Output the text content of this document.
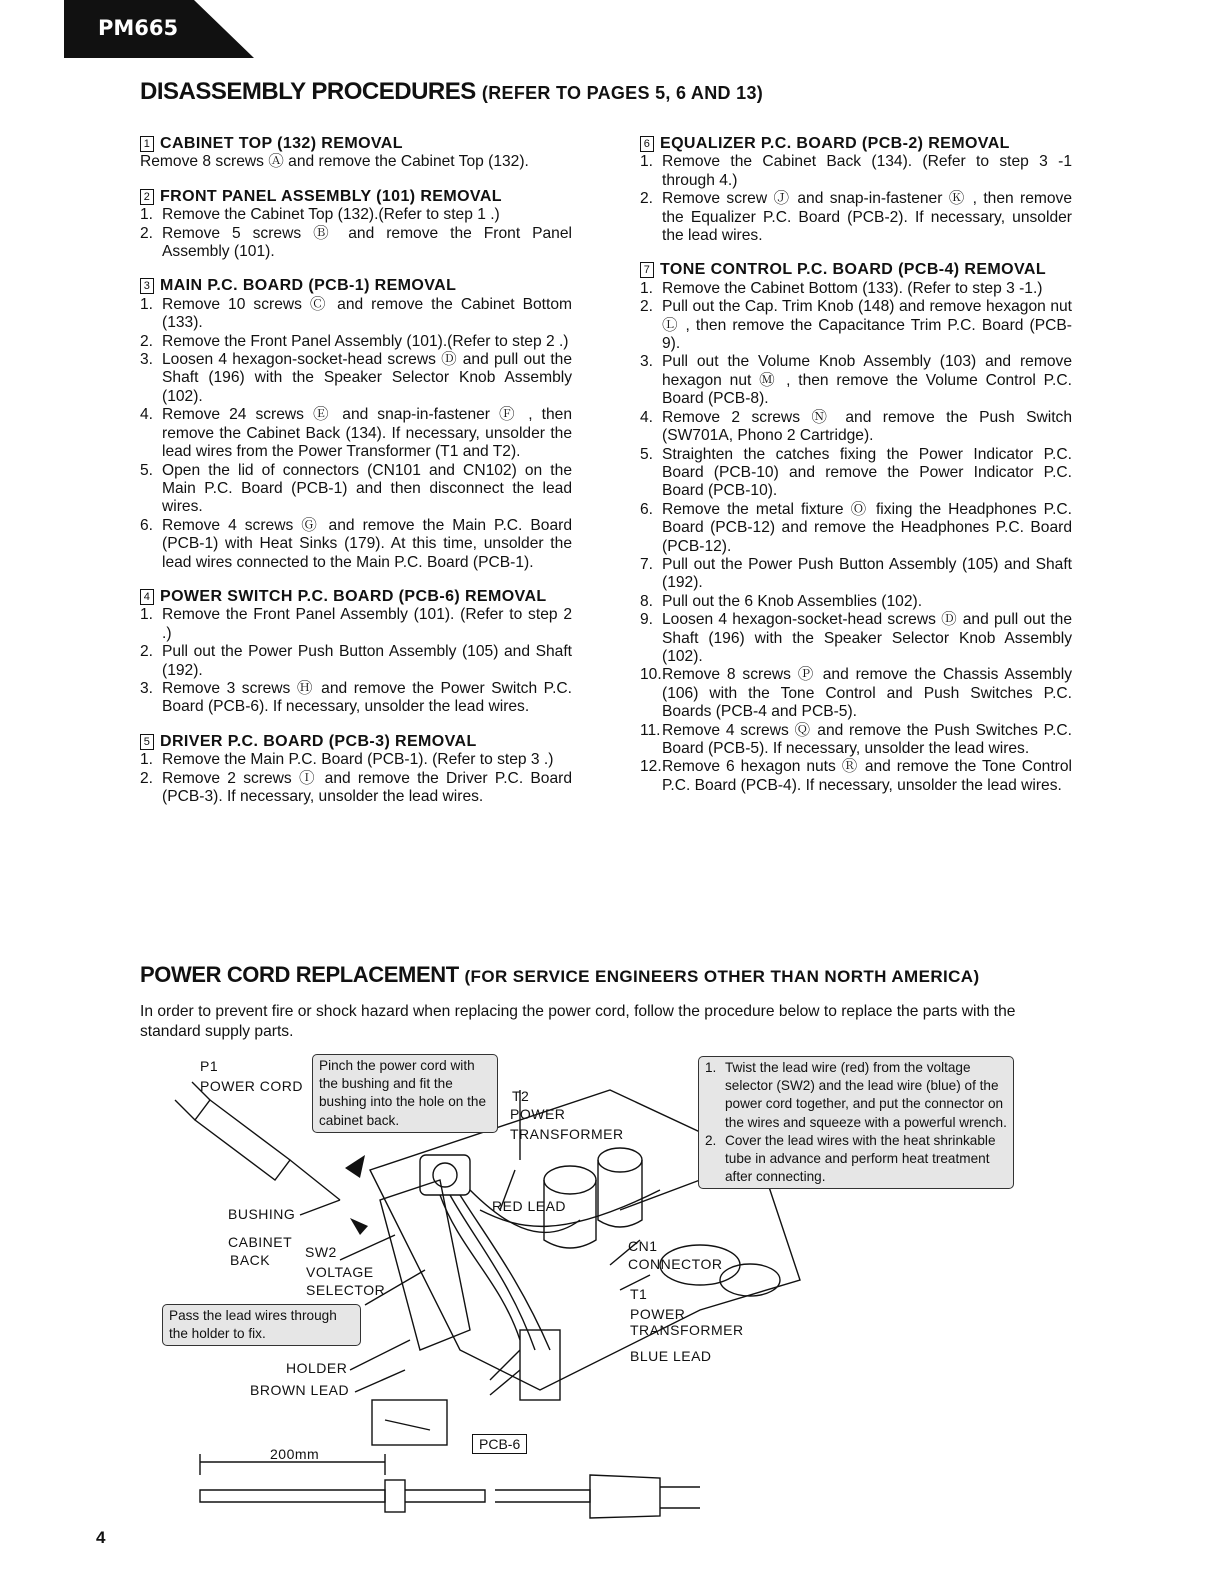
PM665
DISASSEMBLY PROCEDURES (REFER TO PAGES 5, 6 AND 13)
1 CABINET TOP (132) REMOVAL

Remove 8 screws Ⓐ and remove the Cabinet Top (132).

2 FRONT PANEL ASSEMBLY (101) REMOVAL
1. Remove the Cabinet Top (132).(Refer to step 1 .)
2. Remove 5 screws Ⓑ and remove the Front Panel Assembly (101).
3 MAIN P.C. BOARD (PCB-1) REMOVAL
1. Remove 10 screws Ⓒ and remove the Cabinet Bottom (133).
2. Remove the Front Panel Assembly (101).(Refer to step 2 .)
3. Loosen 4 hexagon-socket-head screws Ⓓ and pull out the Shaft (196) with the Speaker Selector Knob Assembly (102).
4. Remove 24 screws Ⓔ and snap-in-fastener Ⓕ , then remove the Cabinet Back (134). If necessary, unsolder the lead wires from the Power Transformer (T1 and T2).
5. Open the lid of connectors (CN101 and CN102) on the Main P.C. Board (PCB-1) and then disconnect the lead wires.
6. Remove 4 screws Ⓖ and remove the Main P.C. Board (PCB-1) with Heat Sinks (179). At this time, unsolder the lead wires connected to the Main P.C. Board (PCB-1).
4 POWER SWITCH P.C. BOARD (PCB-6) REMOVAL
1. Remove the Front Panel Assembly (101). (Refer to step 2 .)
2. Pull out the Power Push Button Assembly (105) and Shaft (192).
3. Remove 3 screws Ⓗ and remove the Power Switch P.C. Board (PCB-6). If necessary, unsolder the lead wires.
5 DRIVER P.C. BOARD (PCB-3) REMOVAL
1. Remove the Main P.C. Board (PCB-1). (Refer to step 3 .)
2. Remove 2 screws Ⓘ and remove the Driver P.C. Board (PCB-3). If necessary, unsolder the lead wires.
6 EQUALIZER P.C. BOARD (PCB-2) REMOVAL
1. Remove the Cabinet Back (134). (Refer to step 3 -1 through 4.)
2. Remove screw Ⓙ and snap-in-fastener Ⓚ , then remove the Equalizer P.C. Board (PCB-2). If necessary, unsolder the lead wires.
7 TONE CONTROL P.C. BOARD (PCB-4) REMOVAL
1. Remove the Cabinet Bottom (133). (Refer to step 3 -1.)
2. Pull out the Cap. Trim Knob (148) and remove hexagon nut Ⓛ , then remove the Capacitance Trim P.C. Board (PCB-9).
3. Pull out the Volume Knob Assembly (103) and remove hexagon nut Ⓜ , then remove the Volume Control P.C. Board (PCB-8).
4. Remove 2 screws Ⓝ and remove the Push Switch (SW701A, Phono 2 Cartridge).
5. Straighten the catches fixing the Power Indicator P.C. Board (PCB-10) and remove the Power Indicator P.C. Board (PCB-10).
6. Remove the metal fixture Ⓞ fixing the Headphones P.C. Board (PCB-12) and remove the Headphones P.C. Board (PCB-12).
7. Pull out the Power Push Button Assembly (105) and Shaft (192).
8. Pull out the 6 Knob Assemblies (102).
9. Loosen 4 hexagon-socket-head screws Ⓓ and pull out the Shaft (196) with the Speaker Selector Knob Assembly (102).
10. Remove 8 screws Ⓟ and remove the Chassis Assembly (106) with the Tone Control and Push Switches P.C. Boards (PCB-4 and PCB-5).
11. Remove 4 screws Ⓠ and remove the Push Switches P.C. Board (PCB-5). If necessary, unsolder the lead wires.
12. Remove 6 hexagon nuts Ⓡ and remove the Tone Control P.C. Board (PCB-4). If necessary, unsolder the lead wires.
POWER CORD REPLACEMENT (FOR SERVICE ENGINEERS OTHER THAN NORTH AMERICA)
In order to prevent fire or shock hazard when replacing the power cord, follow the procedure below to replace the parts with the standard supply parts.
P1
POWER CORD
T2
POWER
TRANSFORMER
BUSHING
CABINET
BACK SW2
VOLTAGE
SELECTOR
RED LEAD
CN1
CONNECTOR
T1
POWER
TRANSFORMER
BLUE LEAD
HOLDER
BROWN LEAD
200mm
PCB-6
Pinch the power cord with the bushing and fit the bushing into the hole on the cabinet back.
Pass the lead wires through the holder to fix.
1. Twist the lead wire (red) from the voltage selector (SW2) and the lead wire (blue) of the power cord together, and put the connector on the wires and squeeze with a powerful wrench.
2. Cover the lead wires with the heat shrinkable tube in advance and perform heat treatment after connecting.
4
